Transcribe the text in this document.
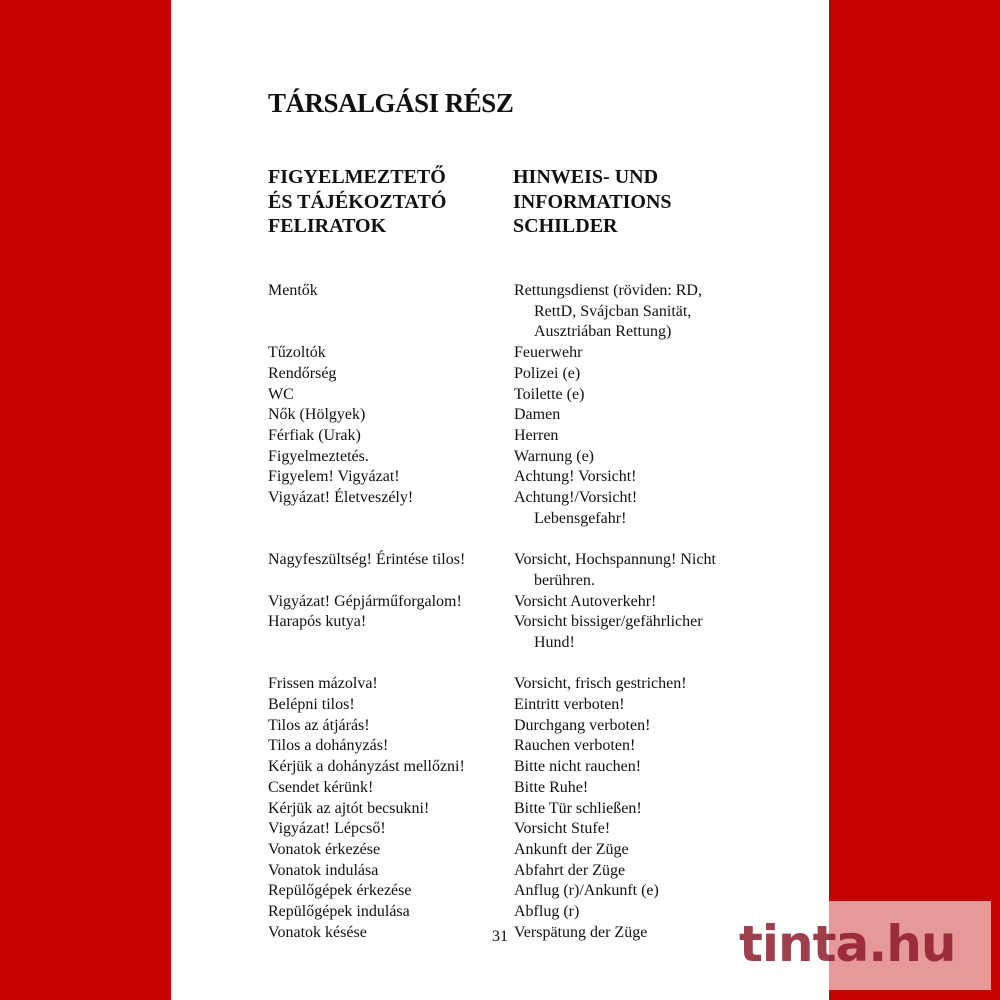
TÁRSALGÁSI RÉSZ
FIGYELMEZTETŐ
ÉS TÁJÉKOZTATÓ
FELIRATOK
HINWEIS- UND
INFORMATIONS
SCHILDER
Mentők	Rettungsdienst (röviden: RD,
RettD, Svájcban Sanität,
Ausztriában Rettung)
Tűzoltók	Feuerwehr
Rendőrség	Polizei (e)
WC	Toilette (e)
Nők (Hölgyek)	Damen
Férfiak (Urak)	Herren
Figyelmeztetés.	Warnung (e)
Figyelem! Vigyázat!	Achtung! Vorsicht!
Vigyázat! Életveszély!	Achtung!/Vorsicht!
Lebensgefahr!
Nagyfeszültség! Érintése tilos!	Vorsicht, Hochspannung! Nicht
berühren.
Vigyázat! Gépjárműforgalom!	Vorsicht Autoverkehr!
Harapós kutya!	Vorsicht bissiger/gefährlicher
Hund!
Frissen mázolva!	Vorsicht, frisch gestrichen!
Belépni tilos!	Eintritt verboten!
Tilos az átjárás!	Durchgang verboten!
Tilos a dohányzás!	Rauchen verboten!
Kérjük a dohányzást mellőzni!	Bitte nicht rauchen!
Csendet kérünk!	Bitte Ruhe!
Kérjük az ajtót becsukni!	Bitte Tür schließen!
Vigyázat! Lépcső!	Vorsicht Stufe!
Vonatok érkezése	Ankunft der Züge
Vonatok indulása	Abfahrt der Züge
Repülőgépek érkezése	Anflug (r)/Ankunft (e)
Repülőgépek indulása	Abflug (r)
Vonatok késése	Verspätung der Züge
31	tinta.hu
